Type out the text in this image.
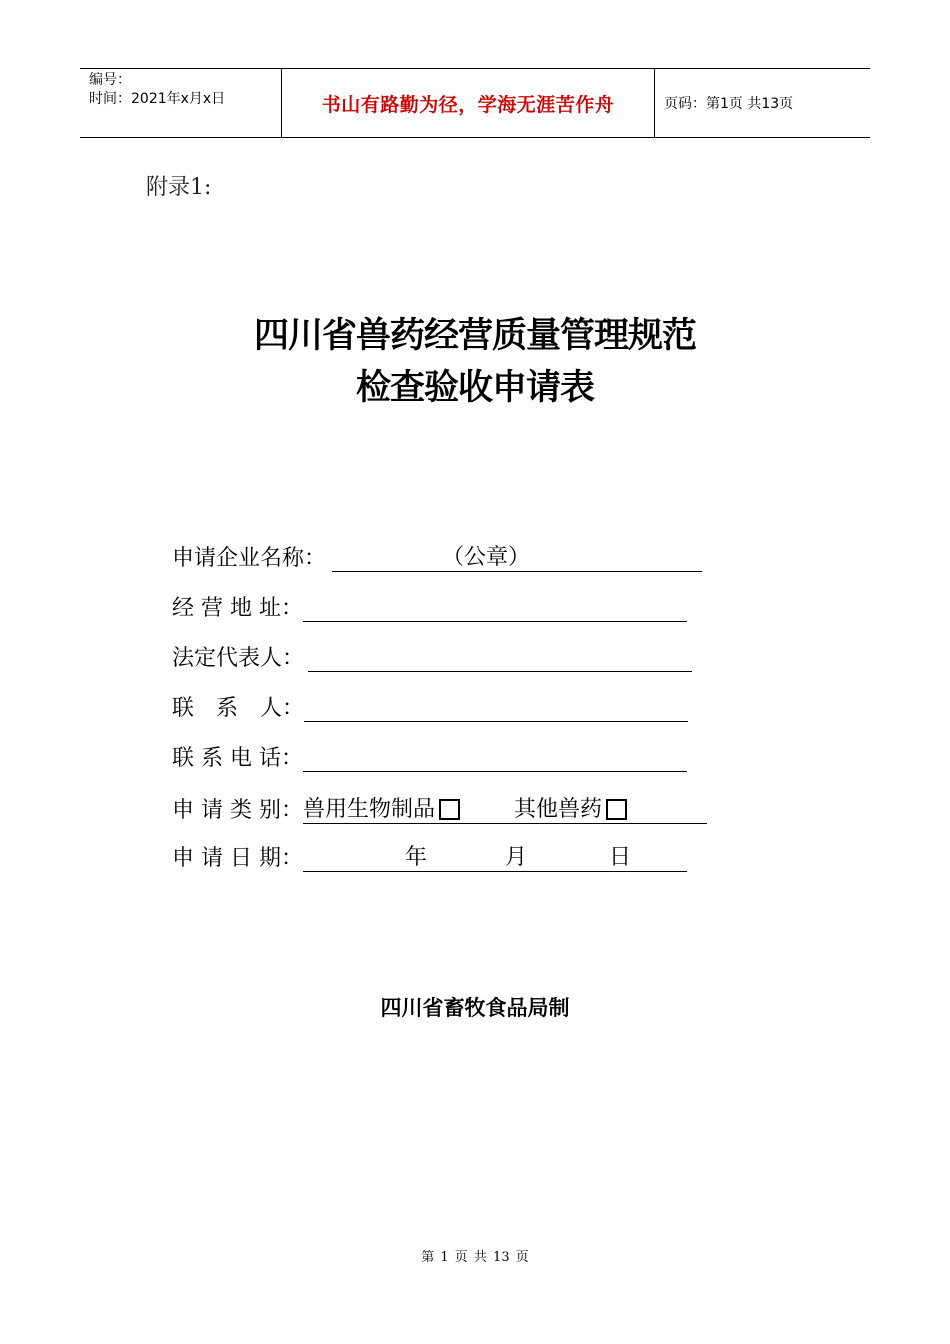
编号：
时间：2021年x月x日	书山有路勤为径，学海无涯苦作舟	页码：第1页 共13页
附录1:
四川省兽药经营质量管理规范
检查验收申请表
申请企业名称：	（公章）
经 营 地 址：
法定代表人：
联　系　人：
联 系 电 话：
申 请 类 别： 兽用生物制品	其他兽药
申 请 日 期：	年	月	日
四川省畜牧食品局制
第 1 页 共 13 页
